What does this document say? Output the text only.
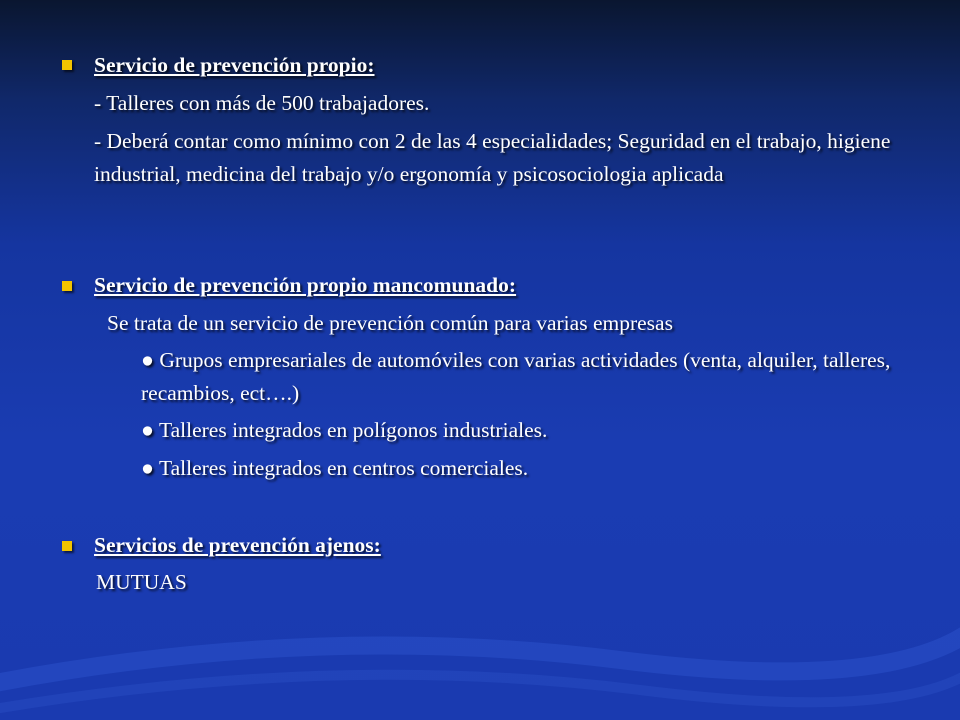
Servicio de prevención propio:
- Talleres con más de 500 trabajadores.
- Deberá contar como mínimo con 2 de las 4 especialidades; Seguridad en el trabajo, higiene industrial, medicina del trabajo y/o ergonomía y psicosociologia aplicada
Servicio de prevención propio mancomunado:
Se trata de un servicio de prevención común para varias empresas
● Grupos empresariales de automóviles con varias actividades (venta, alquiler, talleres, recambios, ect….)
● Talleres integrados en polígonos industriales.
● Talleres integrados en centros comerciales.
Servicios de prevención ajenos:
MUTUAS
